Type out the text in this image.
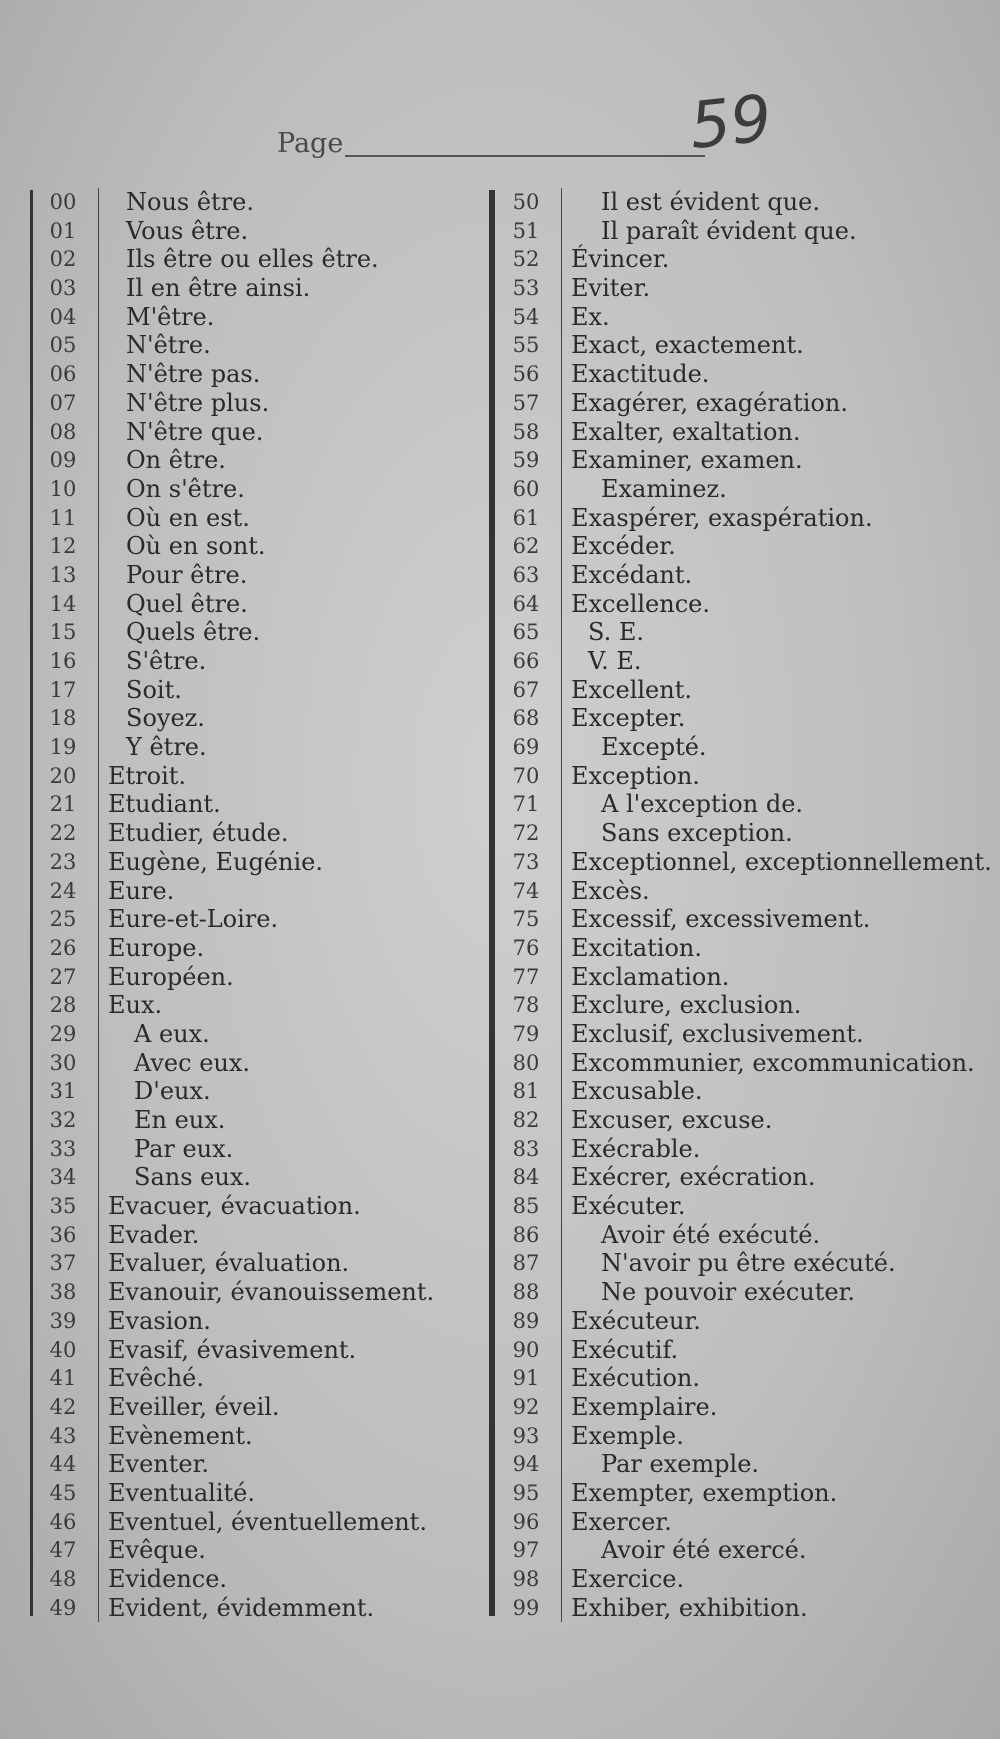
Page	59
00	Nous être.
01	Vous être.
02	Ils être ou elles être.
03	Il en être ainsi.
04	M'être.
05	N'être.
06	N'être pas.
07	N'être plus.
08	N'être que.
09	On être.
10	On s'être.
11	Où en est.
12	Où en sont.
13	Pour être.
14	Quel être.
15	Quels être.
16	S'être.
17	Soit.
18	Soyez.
19	Y être.
20	Etroit.
21	Etudiant.
22	Etudier, étude.
23	Eugène, Eugénie.
24	Eure.
25	Eure-et-Loire.
26	Europe.
27	Européen.
28	Eux.
29	A eux.
30	Avec eux.
31	D'eux.
32	En eux.
33	Par eux.
34	Sans eux.
35	Evacuer, évacuation.
36	Evader.
37	Evaluer, évaluation.
38	Evanouir, évanouissement.
39	Evasion.
40	Evasif, évasivement.
41	Evêché.
42	Eveiller, éveil.
43	Evènement.
44	Eventer.
45	Eventualité.
46	Eventuel, éventuellement.
47	Evêque.
48	Evidence.
49	Evident, évidemment.
50	Il est évident que.
51	Il paraît évident que.
52	Évincer.
53	Eviter.
54	Ex.
55	Exact, exactement.
56	Exactitude.
57	Exagérer, exagération.
58	Exalter, exaltation.
59	Examiner, examen.
60	Examinez.
61	Exaspérer, exaspération.
62	Excéder.
63	Excédant.
64	Excellence.
65	S. E.
66	V. E.
67	Excellent.
68	Excepter.
69	Excepté.
70	Exception.
71	A l'exception de.
72	Sans exception.
73	Exceptionnel, exceptionnellement.
74	Excès.
75	Excessif, excessivement.
76	Excitation.
77	Exclamation.
78	Exclure, exclusion.
79	Exclusif, exclusivement.
80	Excommunier, excommunication.
81	Excusable.
82	Excuser, excuse.
83	Exécrable.
84	Exécrer, exécration.
85	Exécuter.
86	Avoir été exécuté.
87	N'avoir pu être exécuté.
88	Ne pouvoir exécuter.
89	Exécuteur.
90	Exécutif.
91	Exécution.
92	Exemplaire.
93	Exemple.
94	Par exemple.
95	Exempter, exemption.
96	Exercer.
97	Avoir été exercé.
98	Exercice.
99	Exhiber, exhibition.
